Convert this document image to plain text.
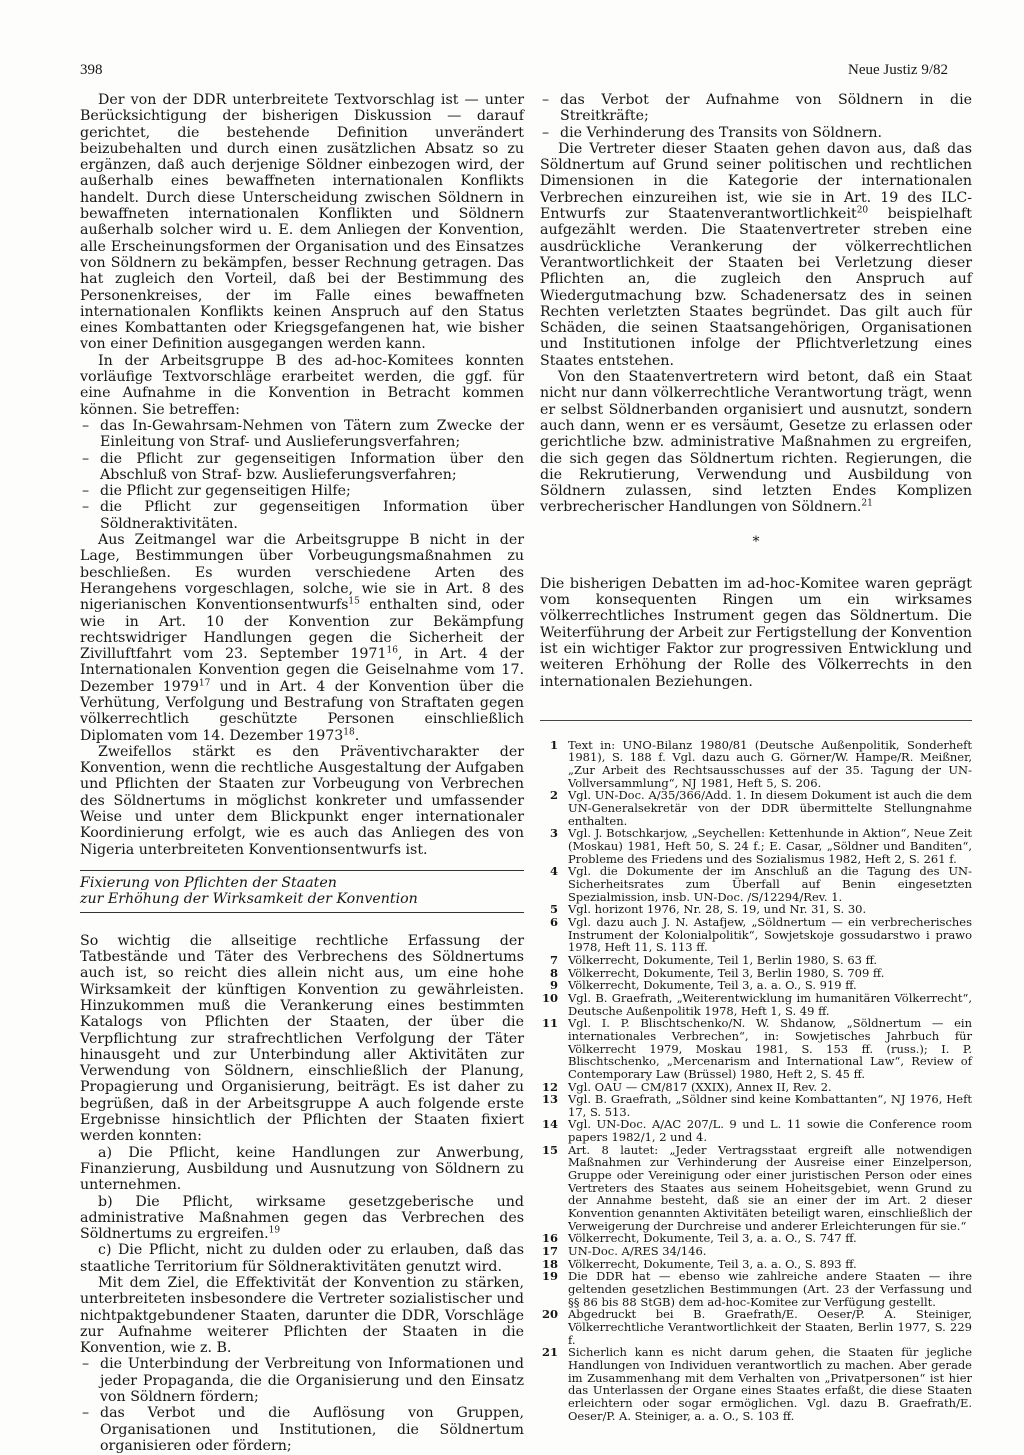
398	Neue Justiz 9/82

Der von der DDR unterbreitete Textvorschlag ist — unter Berücksichtigung der bisherigen Diskussion — darauf gerichtet, die bestehende Definition unverändert beizubehalten und durch einen zusätzlichen Absatz so zu ergänzen, daß auch derjenige Söldner einbezogen wird, der außerhalb eines bewaffneten internationalen Konflikts handelt. Durch diese Unterscheidung zwischen Söldnern in bewaffneten internationalen Konflikten und Söldnern außerhalb solcher wird u. E. dem Anliegen der Konvention, alle Erscheinungsformen der Organisation und des Einsatzes von Söldnern zu bekämpfen, besser Rechnung getragen. Das hat zugleich den Vorteil, daß bei der Bestimmung des Personenkreises, der im Falle eines bewaffneten internationalen Konflikts keinen Anspruch auf den Status eines Kombattanten oder Kriegsgefangenen hat, wie bisher von einer Definition ausgegangen werden kann.

In der Arbeitsgruppe B des ad-hoc-Komitees konnten vorläufige Textvorschläge erarbeitet werden, die ggf. für eine Aufnahme in die Konvention in Betracht kommen können. Sie betreffen:

– das In-Gewahrsam-Nehmen von Tätern zum Zwecke der Einleitung von Straf- und Auslieferungsverfahren;
– die Pflicht zur gegenseitigen Information über den Abschluß von Straf- bzw. Auslieferungsverfahren;
– die Pflicht zur gegenseitigen Hilfe;
– die Pflicht zur gegenseitigen Information über Söldneraktivitäten.

Aus Zeitmangel war die Arbeitsgruppe B nicht in der Lage, Bestimmungen über Vorbeugungsmaßnahmen zu beschließen. Es wurden verschiedene Arten des Herangehens vorgeschlagen, solche, wie sie in Art. 8 des nigerianischen Konventionsentwurfs$^{15}$ enthalten sind, oder wie in Art. 10 der Konvention zur Bekämpfung rechtswidriger Handlungen gegen die Sicherheit der Zivilluftfahrt vom 23. September 1971$^{16}$, in Art. 4 der Internationalen Konvention gegen die Geiselnahme vom 17. Dezember 1979$^{17}$ und in Art. 4 der Konvention über die Verhütung, Verfolgung und Bestrafung von Straftaten gegen völkerrechtlich geschützte Personen einschließlich Diplomaten vom 14. Dezember 1973$^{18}$.

Zweifellos stärkt es den Präventivcharakter der Konvention, wenn die rechtliche Ausgestaltung der Aufgaben und Pflichten der Staaten zur Vorbeugung von Verbrechen des Söldnertums in möglichst konkreter und umfassender Weise und unter dem Blickpunkt enger internationaler Koordinierung erfolgt, wie es auch das Anliegen des von Nigeria unterbreiteten Konventionsentwurfs ist.

Fixierung von Pflichten der Staaten
zur Erhöhung der Wirksamkeit der Konvention

So wichtig die allseitige rechtliche Erfassung der Tatbestände und Täter des Verbrechens des Söldnertums auch ist, so reicht dies allein nicht aus, um eine hohe Wirksamkeit der künftigen Konvention zu gewährleisten. Hinzukommen muß die Verankerung eines bestimmten Katalogs von Pflichten der Staaten, der über die Verpflichtung zur strafrechtlichen Verfolgung der Täter hinausgeht und zur Unterbindung aller Aktivitäten zur Verwendung von Söldnern, einschließlich der Planung, Propagierung und Organisierung, beiträgt. Es ist daher zu begrüßen, daß in der Arbeitsgruppe A auch folgende erste Ergebnisse hinsichtlich der Pflichten der Staaten fixiert werden konnten:

a) Die Pflicht, keine Handlungen zur Anwerbung, Finanzierung, Ausbildung und Ausnutzung von Söldnern zu unternehmen.

b) Die Pflicht, wirksame gesetzgeberische und administrative Maßnahmen gegen das Verbrechen des Söldnertums zu ergreifen.$^{19}$

c) Die Pflicht, nicht zu dulden oder zu erlauben, daß das staatliche Territorium für Söldneraktivitäten genutzt wird.

Mit dem Ziel, die Effektivität der Konvention zu stärken, unterbreiteten insbesondere die Vertreter sozialistischer und nichtpaktgebundener Staaten, darunter die DDR, Vorschläge zur Aufnahme weiterer Pflichten der Staaten in die Konvention, wie z. B.

– die Unterbindung der Verbreitung von Informationen und jeder Propaganda, die die Organisierung und den Einsatz von Söldnern fördern;
– das Verbot und die Auflösung von Gruppen, Organisationen und Institutionen, die Söldnertum organisieren oder fördern;
– das Verbot der Aufnahme von Söldnern in die Streitkräfte;
– die Verhinderung des Transits von Söldnern.

Die Vertreter dieser Staaten gehen davon aus, daß das Söldnertum auf Grund seiner politischen und rechtlichen Dimensionen in die Kategorie der internationalen Verbrechen einzureihen ist, wie sie in Art. 19 des ILC-Entwurfs zur Staatenverantwortlichkeit$^{20}$ beispielhaft aufgezählt werden. Die Staatenvertreter streben eine ausdrückliche Verankerung der völkerrechtlichen Verantwortlichkeit der Staaten bei Verletzung dieser Pflichten an, die zugleich den Anspruch auf Wiedergutmachung bzw. Schadenersatz des in seinen Rechten verletzten Staates begründet. Das gilt auch für Schäden, die seinen Staatsangehörigen, Organisationen und Institutionen infolge der Pflichtverletzung eines Staates entstehen.

Von den Staatenvertretern wird betont, daß ein Staat nicht nur dann völkerrechtliche Verantwortung trägt, wenn er selbst Söldnerbanden organisiert und ausnutzt, sondern auch dann, wenn er es versäumt, Gesetze zu erlassen oder gerichtliche bzw. administrative Maßnahmen zu ergreifen, die sich gegen das Söldnertum richten. Regierungen, die die Rekrutierung, Verwendung und Ausbildung von Söldnern zulassen, sind letzten Endes Komplizen verbrecherischer Handlungen von Söldnern.$^{21}$

*

Die bisherigen Debatten im ad-hoc-Komitee waren geprägt vom konsequenten Ringen um ein wirksames völkerrechtliches Instrument gegen das Söldnertum. Die Weiterführung der Arbeit zur Fertigstellung der Konvention ist ein wichtiger Faktor zur progressiven Entwicklung und weiteren Erhöhung der Rolle des Völkerrechts in den internationalen Beziehungen.

1 Text in: UNO-Bilanz 1980/81 (Deutsche Außenpolitik, Sonderheft 1981), S. 188 f. Vgl. dazu auch G. Görner/W. Hampe/R. Meißner, „Zur Arbeit des Rechtsausschusses auf der 35. Tagung der UN-Vollversammlung“, NJ 1981, Heft 5, S. 206.
2 Vgl. UN-Doc. A/35/366/Add. 1. In diesem Dokument ist auch die dem UN-Generalsekretär von der DDR übermittelte Stellungnahme enthalten.
3 Vgl. J. Botschkarjow, „Seychellen: Kettenhunde in Aktion“, Neue Zeit (Moskau) 1981, Heft 50, S. 24 f.; E. Casar, „Söldner und Banditen“, Probleme des Friedens und des Sozialismus 1982, Heft 2, S. 261 f.
4 Vgl. die Dokumente der im Anschluß an die Tagung des UN-Sicherheitsrates zum Überfall auf Benin eingesetzten Spezialmission, insb. UN-Doc. /S/12294/Rev. 1.
5 Vgl. horizont 1976, Nr. 28, S. 19, und Nr. 31, S. 30.
6 Vgl. dazu auch J. N. Astafjew, „Söldnertum — ein verbrecherisches Instrument der Kolonialpolitik“, Sowjetskoje gossudarstwo i prawo 1978, Heft 11, S. 113 ff.
7 Völkerrecht, Dokumente, Teil 1, Berlin 1980, S. 63 ff.
8 Völkerrecht, Dokumente, Teil 3, Berlin 1980, S. 709 ff.
9 Völkerrecht, Dokumente, Teil 3, a. a. O., S. 919 ff.
10 Vgl. B. Graefrath, „Weiterentwicklung im humanitären Völkerrecht“, Deutsche Außenpolitik 1978, Heft 1, S. 49 ff.
11 Vgl. I. P. Blischtschenko/N. W. Shdanow, „Söldnertum — ein internationales Verbrechen“, in: Sowjetisches Jahrbuch für Völkerrecht 1979, Moskau 1981, S. 153 ff. (russ.); I. P. Blischtschenko, „Mercenarism and International Law“, Review of Contemporary Law (Brüssel) 1980, Heft 2, S. 45 ff.
12 Vgl. OAU — CM/817 (XXIX), Annex II, Rev. 2.
13 Vgl. B. Graefrath, „Söldner sind keine Kombattanten“, NJ 1976, Heft 17, S. 513.
14 Vgl. UN-Doc. A/AC 207/L. 9 und L. 11 sowie die Conference room papers 1982/1, 2 und 4.
15 Art. 8 lautet: „Jeder Vertragsstaat ergreift alle notwendigen Maßnahmen zur Verhinderung der Ausreise einer Einzelperson, Gruppe oder Vereinigung oder einer juristischen Person oder eines Vertreters des Staates aus seinem Hoheitsgebiet, wenn Grund zu der Annahme besteht, daß sie an einer der im Art. 2 dieser Konvention genannten Aktivitäten beteiligt waren, einschließlich der Verweigerung der Durchreise und anderer Erleichterungen für sie.“
16 Völkerrecht, Dokumente, Teil 3, a. a. O., S. 747 ff.
17 UN-Doc. A/RES 34/146.
18 Völkerrecht, Dokumente, Teil 3, a. a. O., S. 893 ff.
19 Die DDR hat — ebenso wie zahlreiche andere Staaten — ihre geltenden gesetzlichen Bestimmungen (Art. 23 der Verfassung und §§ 86 bis 88 StGB) dem ad-hoc-Komitee zur Verfügung gestellt.
20 Abgedruckt bei B. Graefrath/E. Oeser/P. A. Steiniger, Völkerrechtliche Verantwortlichkeit der Staaten, Berlin 1977, S. 229 f.
21 Sicherlich kann es nicht darum gehen, die Staaten für jegliche Handlungen von Individuen verantwortlich zu machen. Aber gerade im Zusammenhang mit dem Verhalten von „Privatpersonen“ ist hier das Unterlassen der Organe eines Staates erfaßt, die diese Staaten erleichtern oder sogar ermöglichen. Vgl. dazu B. Graefrath/E. Oeser/P. A. Steiniger, a. a. O., S. 103 ff.
